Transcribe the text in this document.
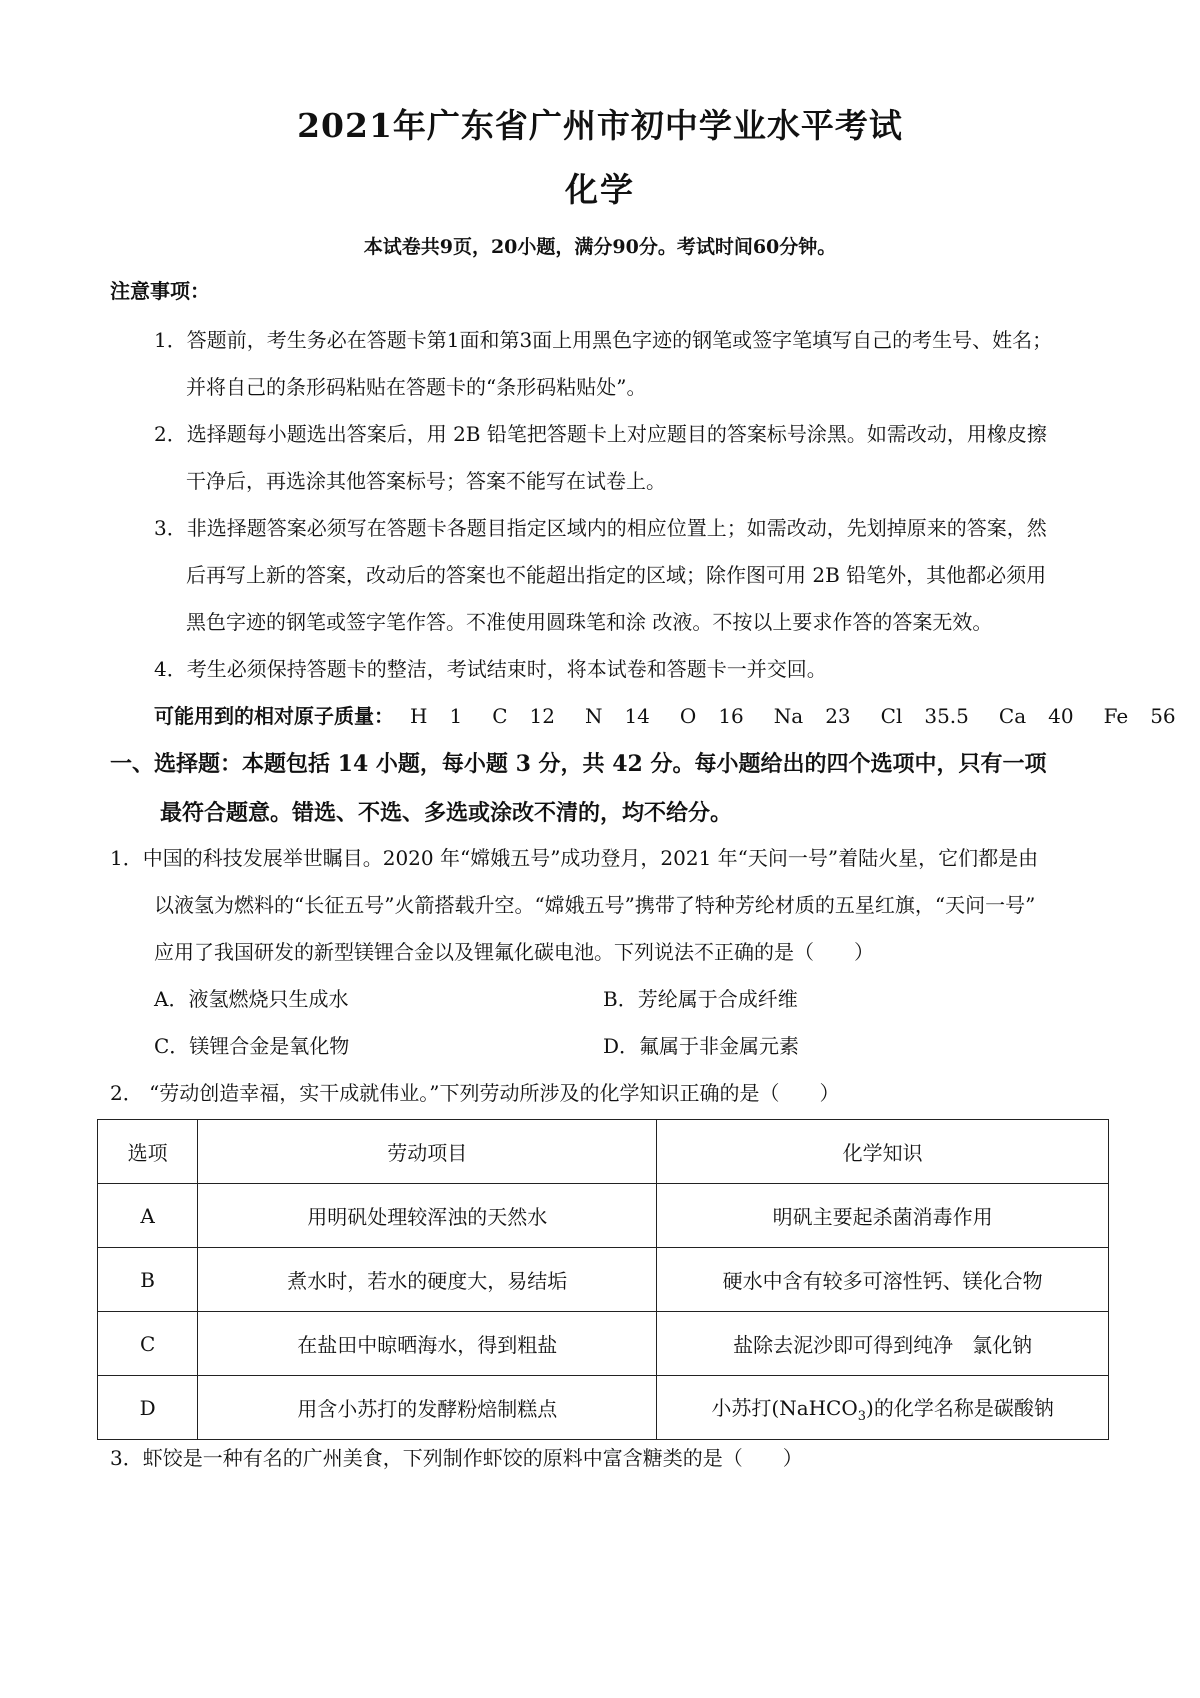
2021年广东省广州市初中学业水平考试
化学
本试卷共9页，20小题，满分90分。考试时间60分钟。
注意事项：
1．答题前，考生务必在答题卡第1面和第3面上用黑色字迹的钢笔或签字笔填写自己的考生号、姓名；
并将自己的条形码粘贴在答题卡的“条形码粘贴处”。
2．选择题每小题选出答案后，用 2B 铅笔把答题卡上对应题目的答案标号涂黑。如需改动，用橡皮擦
干净后，再选涂其他答案标号；答案不能写在试卷上。
3．非选择题答案必须写在答题卡各题目指定区域内的相应位置上；如需改动，先划掉原来的答案，然
后再写上新的答案，改动后的答案也不能超出指定的区域；除作图可用 2B 铅笔外，其他都必须用
黑色字迹的钢笔或签字笔作答。不准使用圆珠笔和涂 改液。不按以上要求作答的答案无效。
4．考生必须保持答题卡的整洁，考试结束时，将本试卷和答题卡一并交回。
可能用到的相对原子质量： H 1 C 12 N 14 O 16 Na 23 Cl 35.5 Ca 40 Fe 56
一、选择题：本题包括 14 小题，每小题 3 分，共 42 分。每小题给出的四个选项中，只有一项
最符合题意。错选、不选、多选或涂改不清的，均不给分。
1．中国的科技发展举世瞩目。2020 年“嫦娥五号”成功登月，2021 年“天问一号”着陆火星，它们都是由
以液氢为燃料的“长征五号”火箭搭载升空。“嫦娥五号”携带了特种芳纶材质的五星红旗，“天问一号”
应用了我国研发的新型镁锂合金以及锂氟化碳电池。下列说法不正确的是（　　）
A．液氢燃烧只生成水	B．芳纶属于合成纤维
C．镁锂合金是氧化物	D．氟属于非金属元素
2． “劳动创造幸福，实干成就伟业。”下列劳动所涉及的化学知识正确的是（　　）
选项	劳动项目	化学知识
A	用明矾处理较浑浊的天然水	明矾主要起杀菌消毒作用
B	煮水时，若水的硬度大，易结垢	硬水中含有较多可溶性钙、镁化合物
C	在盐田中晾晒海水，得到粗盐	盐除去泥沙即可得到纯净   氯化钠
D	用含小苏打的发酵粉焙制糕点	小苏打(NaHCO$_3$)的化学名称是碳酸钠
3．虾饺是一种有名的广州美食，下列制作虾饺的原料中富含糖类的是（　　）
